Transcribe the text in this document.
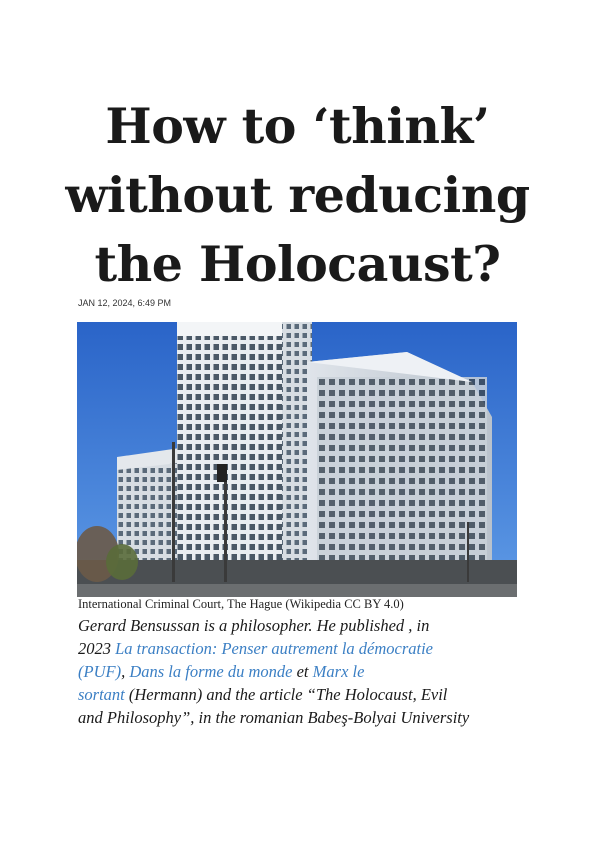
How to ‘think’
without reducing
the Holocaust?
JAN 12, 2024, 6:49 PM
International Criminal Court, The Hague (Wikipedia CC BY 4.0)
Gerard Bensussan is a philosopher. He published , in
2023 La transaction: Penser autrement la démocratie
(PUF), Dans la forme du monde et Marx le
sortant (Hermann) and the article “The Holocaust, Evil
and Philosophy”, in the romanian Babeş-Bolyai University
